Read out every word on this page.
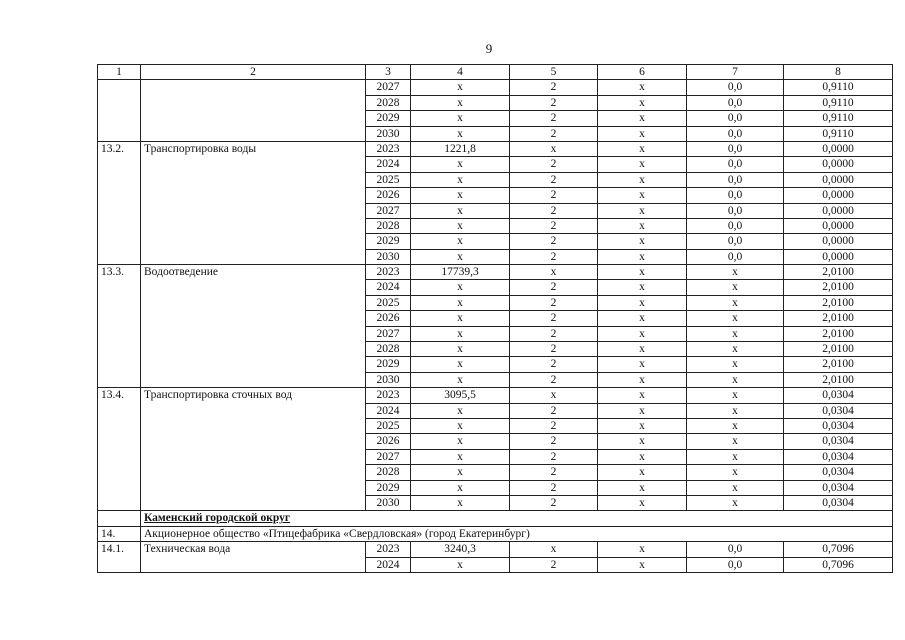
9
1	2	3	4	5	6	7	8
		2027	х	2	х	0,0	0,9110
		2028	х	2	х	0,0	0,9110
		2029	х	2	х	0,0	0,9110
		2030	х	2	х	0,0	0,9110
13.2.	Транспортировка воды	2023	1221,8	х	х	0,0	0,0000
		2024	х	2	х	0,0	0,0000
		2025	х	2	х	0,0	0,0000
		2026	х	2	х	0,0	0,0000
		2027	х	2	х	0,0	0,0000
		2028	х	2	х	0,0	0,0000
		2029	х	2	х	0,0	0,0000
		2030	х	2	х	0,0	0,0000
13.3.	Водоотведение	2023	17739,3	х	х	х	2,0100
		2024	х	2	х	х	2,0100
		2025	х	2	х	х	2,0100
		2026	х	2	х	х	2,0100
		2027	х	2	х	х	2,0100
		2028	х	2	х	х	2,0100
		2029	х	2	х	х	2,0100
		2030	х	2	х	х	2,0100
13.4.	Транспортировка сточных вод	2023	3095,5	х	х	х	0,0304
		2024	х	2	х	х	0,0304
		2025	х	2	х	х	0,0304
		2026	х	2	х	х	0,0304
		2027	х	2	х	х	0,0304
		2028	х	2	х	х	0,0304
		2029	х	2	х	х	0,0304
		2030	х	2	х	х	0,0304
	Каменский городской округ						
14.	Акционерное общество «Птицефабрика «Свердловская» (город Екатеринбург)						
14.1.	Техническая вода	2023	3240,3	х	х	0,0	0,7096
		2024	х	2	х	0,0	0,7096
